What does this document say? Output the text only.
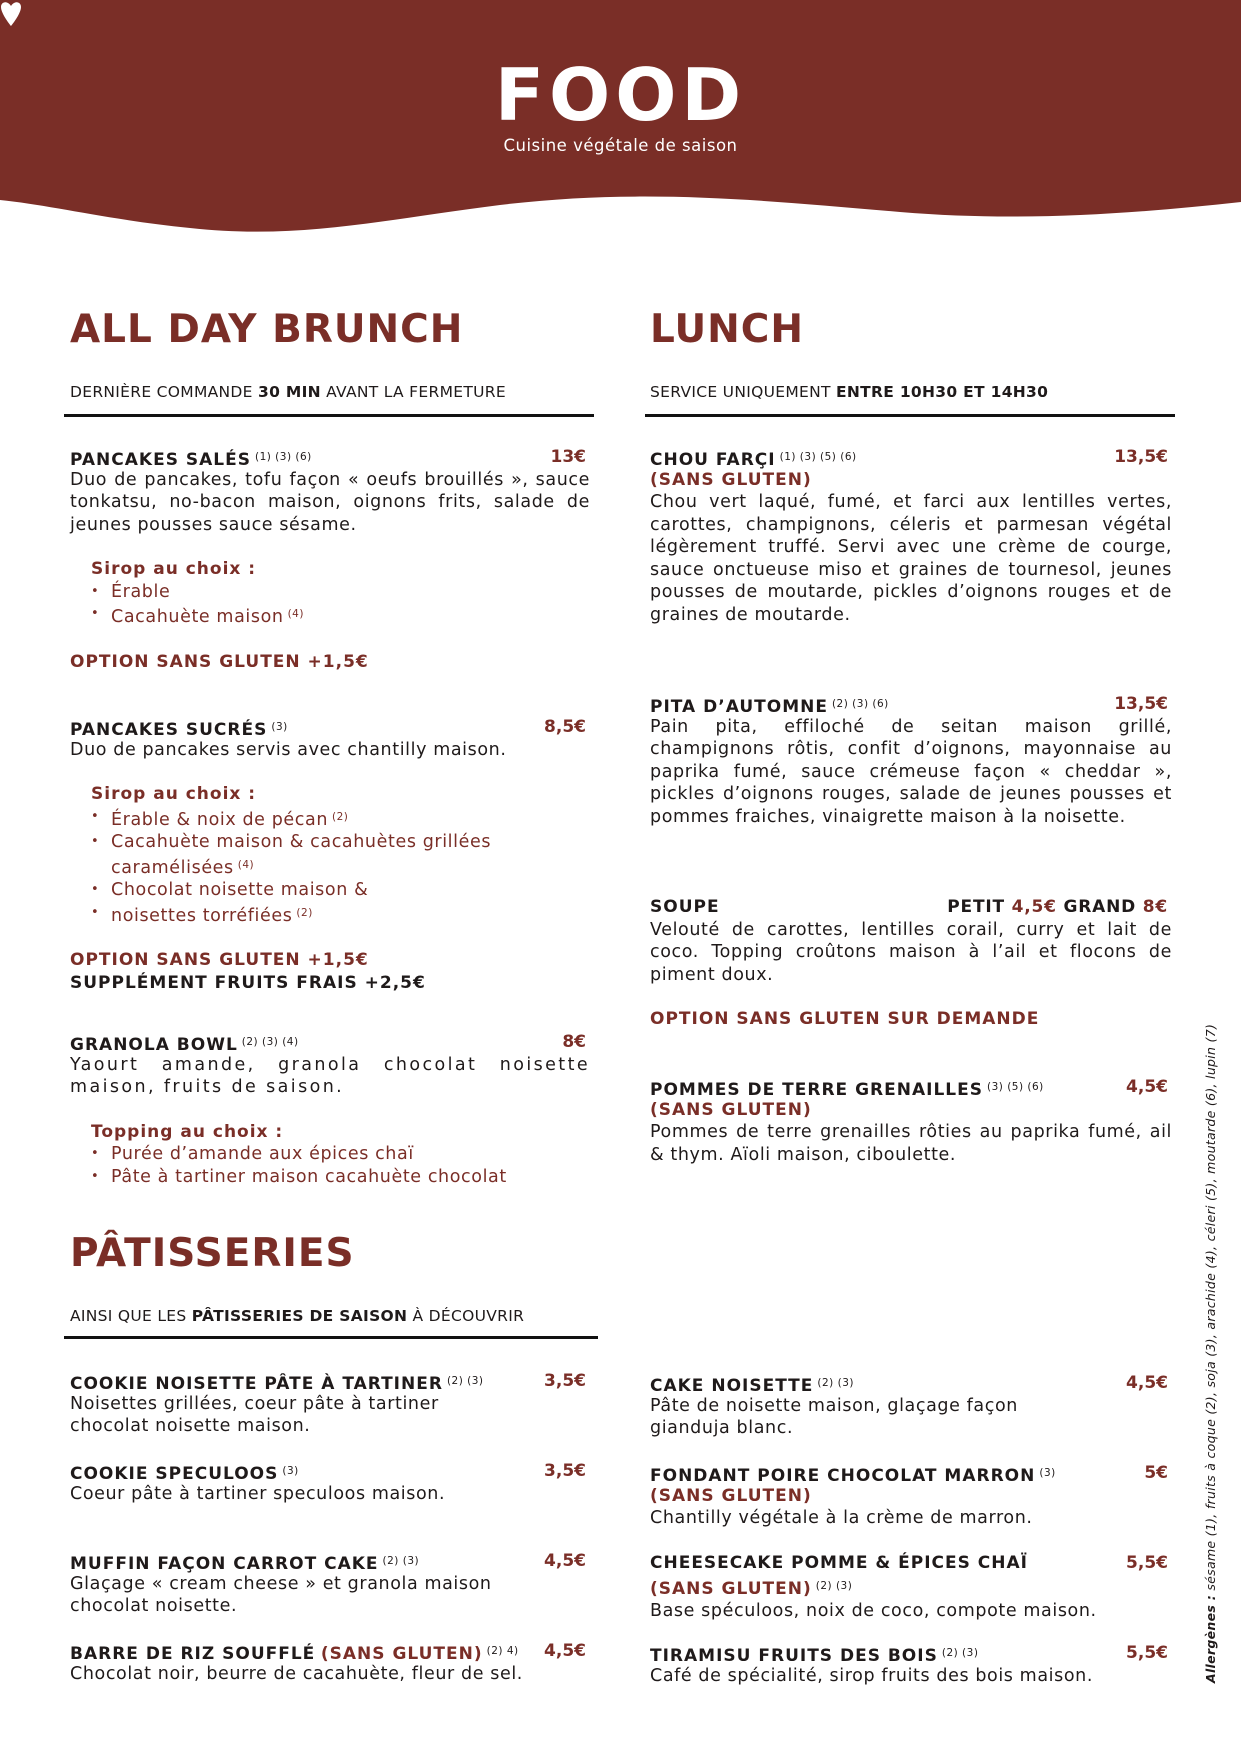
FOOD
Cuisine végétale de saison
ALL DAY BRUNCH
DERNIÈRE COMMANDE 30 MIN AVANT LA FERMETURE
PANCAKES SALÉS $^{(1) (3) (6)}$	13€
Duo de pancakes, tofu façon « oeufs brouillés », sauce tonkatsu, no-bacon maison, oignons frits, salade de jeunes pousses sauce sésame.
Sirop au choix :
• Érable
• Cacahuète maison $^{(4)}$
OPTION SANS GLUTEN +1,5€
PANCAKES SUCRÉS $^{(3)}$	8,5€
Duo de pancakes servis avec chantilly maison.
Sirop au choix :
• Érable & noix de pécan $^{(2)}$
• Cacahuète maison & cacahuètes grillées caramélisées $^{(4)}$
• Chocolat noisette maison &
• noisettes torréfiées $^{(2)}$
OPTION SANS GLUTEN +1,5€
SUPPLÉMENT FRUITS FRAIS +2,5€
GRANOLA BOWL $^{(2) (3) (4)}$	8€
Yaourt amande, granola chocolat noisette maison, fruits de saison.
Topping au choix :
• Purée d’amande aux épices chaï
• Pâte à tartiner maison cacahuète chocolat
LUNCH
SERVICE UNIQUEMENT ENTRE 10H30 ET 14H30
CHOU FARÇI $^{(1) (3) (5) (6)}$	13,5€
(SANS GLUTEN)
Chou vert laqué, fumé, et farci aux lentilles vertes, carottes, champignons, céleris et parmesan végétal légèrement truffé. Servi avec une crème de courge, sauce onctueuse miso et graines de tournesol, jeunes pousses de moutarde, pickles d’oignons rouges et de graines de moutarde.
PITA D’AUTOMNE $^{(2) (3) (6)}$	13,5€
Pain pita, effiloché de seitan maison grillé, champignons rôtis, confit d’oignons, mayonnaise au paprika fumé, sauce crémeuse façon « cheddar », pickles d’oignons rouges, salade de jeunes pousses et pommes fraiches, vinaigrette maison à la noisette.
SOUPE	PETIT 4,5€ GRAND 8€
Velouté de carottes, lentilles corail, curry et lait de coco. Topping croûtons maison à l’ail et flocons de piment doux.
OPTION SANS GLUTEN SUR DEMANDE
POMMES DE TERRE GRENAILLES $^{(3) (5) (6)}$	4,5€
(SANS GLUTEN)
Pommes de terre grenailles rôties au paprika fumé, ail & thym. Aïoli maison, ciboulette.
PÂTISSERIES
AINSI QUE LES PÂTISSERIES DE SAISON À DÉCOUVRIR
COOKIE NOISETTE PÂTE À TARTINER $^{(2) (3)}$	3,5€
Noisettes grillées, coeur pâte à tartiner chocolat noisette maison.
COOKIE SPECULOOS $^{(3)}$	3,5€
Coeur pâte à tartiner speculoos maison.
MUFFIN FAÇON CARROT CAKE $^{(2) (3)}$	4,5€
Glaçage « cream cheese » et granola maison chocolat noisette.
BARRE DE RIZ SOUFFLÉ (SANS GLUTEN) $^{(2) 4)}$ 4,5€
Chocolat noir, beurre de cacahuète, fleur de sel.
CAKE NOISETTE $^{(2) (3)}$	4,5€
Pâte de noisette maison, glaçage façon gianduja blanc.
FONDANT POIRE CHOCOLAT MARRON $^{(3)}$	5€
(SANS GLUTEN)
Chantilly végétale à la crème de marron.
CHEESECAKE POMME & ÉPICES CHAÏ	5,5€
(SANS GLUTEN) $^{(2) (3)}$
Base spéculoos, noix de coco, compote maison.
TIRAMISU FRUITS DES BOIS $^{(2) (3)}$	5,5€
Café de spécialité, sirop fruits des bois maison.	Allergènes : sésame (1), fruits à coque (2), soja (3), arachide (4), céleri (5), moutarde (6), lupin (7)
